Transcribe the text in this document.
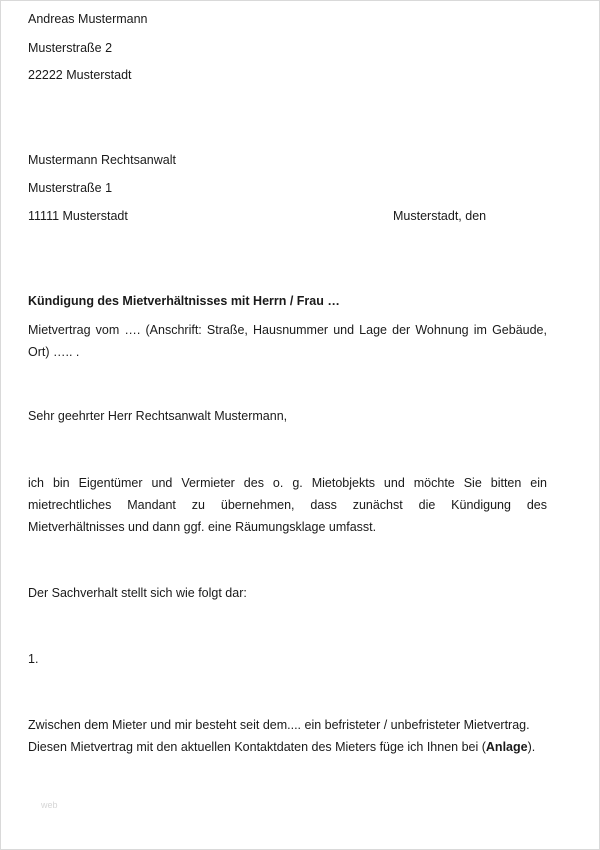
Andreas Mustermann
Musterstraße 2
22222 Musterstadt
Mustermann Rechtsanwalt
Musterstraße 1
11111 Musterstadt	Musterstadt, den
Kündigung des Mietverhältnisses mit Herrn / Frau …
Mietvertrag vom …. (Anschrift: Straße, Hausnummer und Lage der Wohnung im Gebäude,
Ort) ….. .
Sehr geehrter Herr Rechtsanwalt Mustermann,
ich bin Eigentümer und Vermieter des o. g. Mietobjekts und möchte Sie bitten ein
mietrechtliches Mandant zu übernehmen, dass zunächst die Kündigung des
Mietverhältnisses und dann ggf. eine Räumungsklage umfasst.
Der Sachverhalt stellt sich wie folgt dar:
1.
Zwischen dem Mieter und mir besteht seit dem.... ein befristeter / unbefristeter Mietvertrag.
Diesen Mietvertrag mit den aktuellen Kontaktdaten des Mieters füge ich Ihnen bei (Anlage).
web
